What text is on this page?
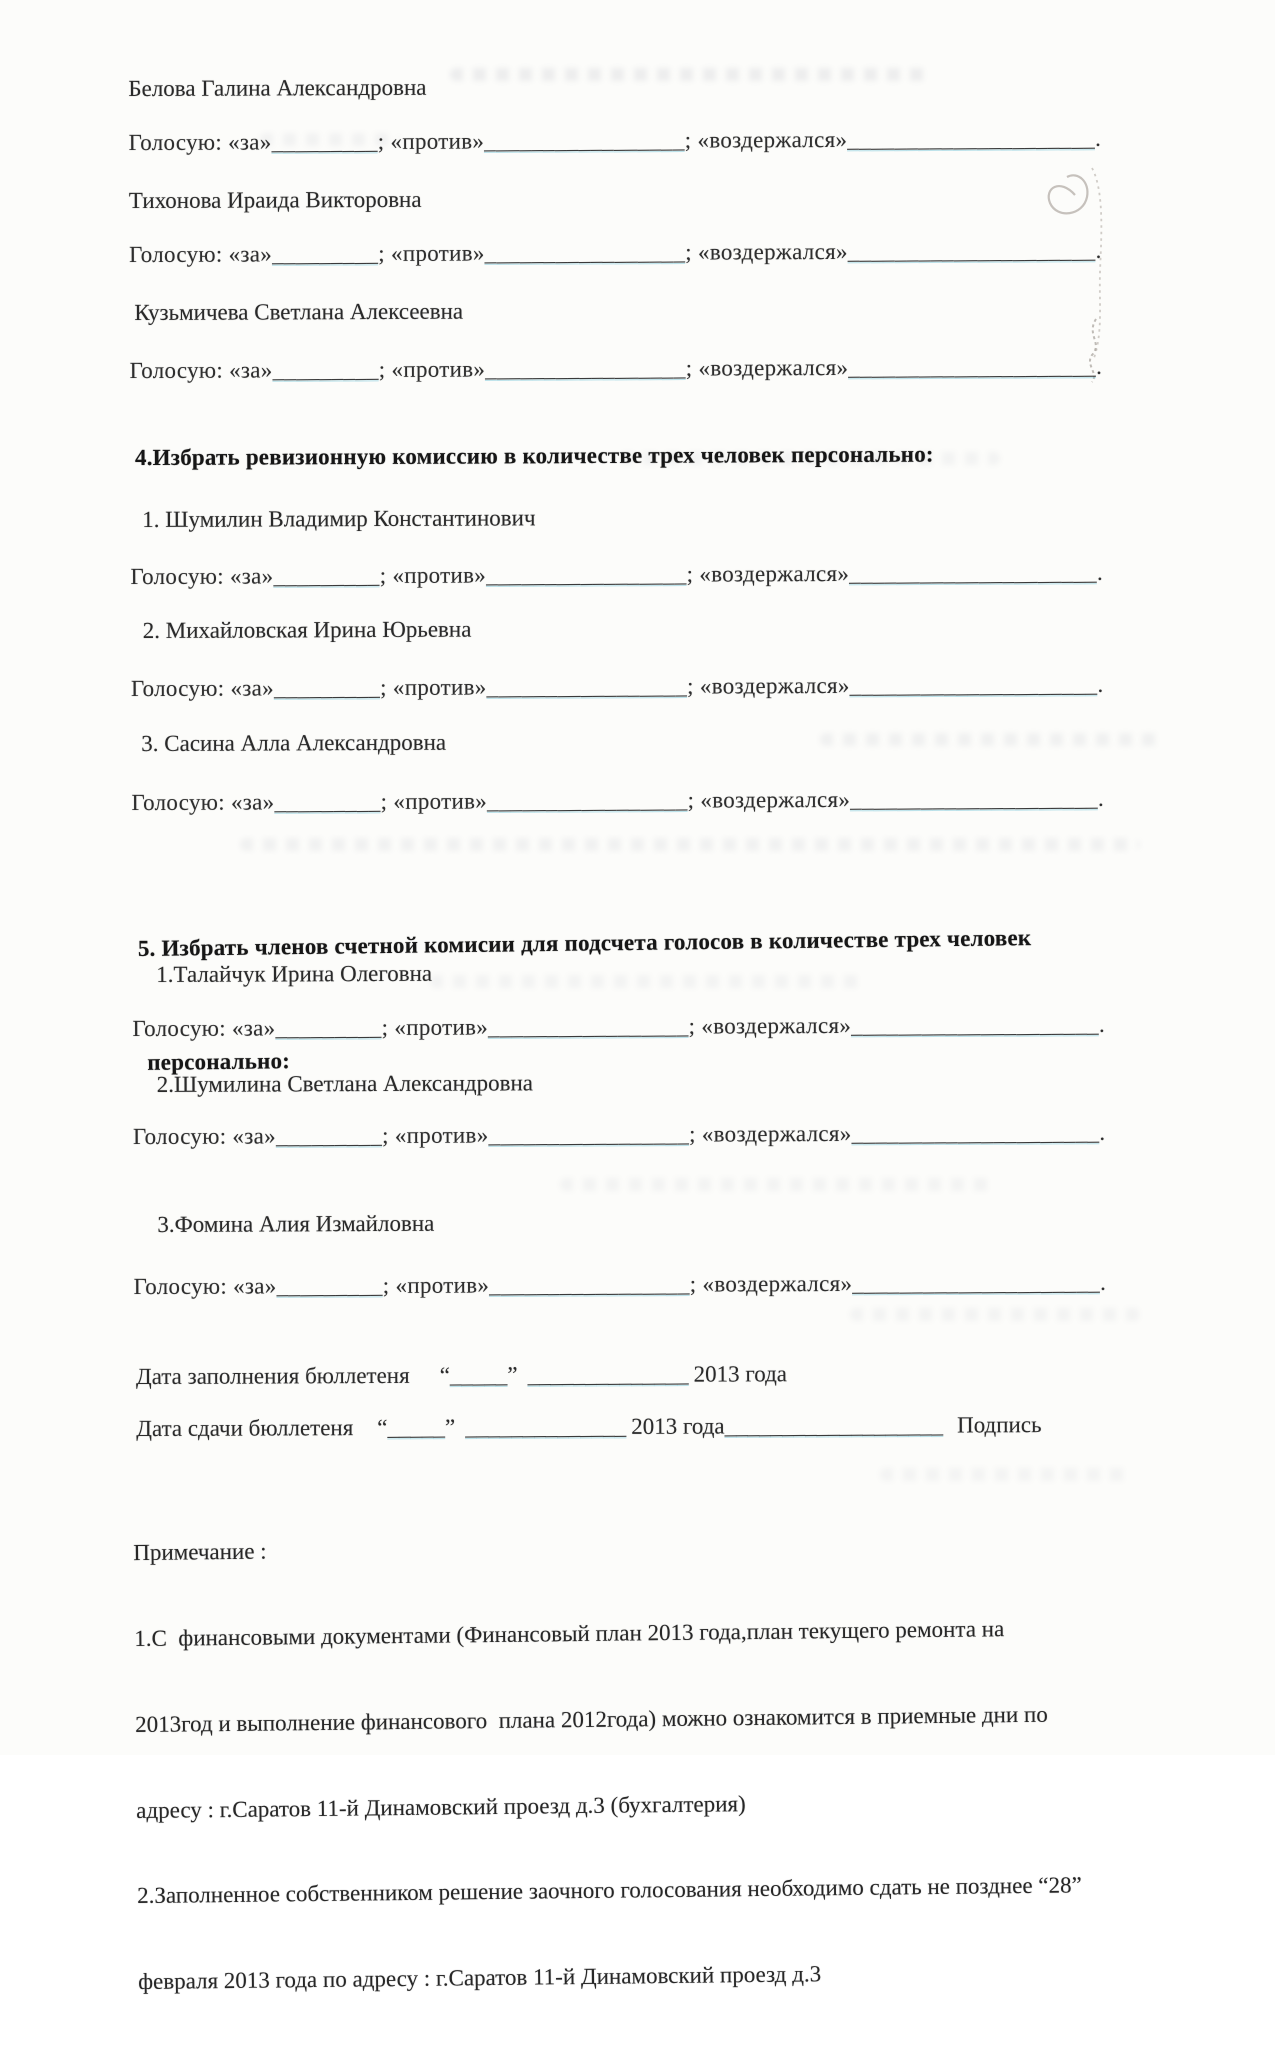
Белова Галина Александровна
Голосую: «за»_________; «против»_________________; «воздержался»_____________________.
Тихонова Ираида Викторовна
Голосую: «за»_________; «против»_________________; «воздержался»_____________________.
Кузьмичева Светлана Алексеевна
Голосую: «за»_________; «против»_________________; «воздержался»_____________________.
4.Избрать ревизионную комиссию в количестве трех человек персонально:
1. Шумилин Владимир Константинович
Голосую: «за»_________; «против»_________________; «воздержался»_____________________.
2. Михайловская Ирина Юрьевна
Голосую: «за»_________; «против»_________________; «воздержался»_____________________.
3. Сасина Алла Александровна
Голосую: «за»_________; «против»_________________; «воздержался»_____________________.

5. Избрать членов счетной комисии для подсчета голосов в количестве трех человек

персонально:

1.Талайчук Ирина Олеговна
Голосую: «за»_________; «против»_________________; «воздержался»_____________________.
2.Шумилина Светлана Александровна
Голосую: «за»_________; «против»_________________; «воздержался»_____________________.
3.Фомина Алия Измайловна
Голосую: «за»_________; «против»_________________; «воздержался»_____________________.
Дата заполнения бюллетеня “_____” ______________ 2013 года
Дата сдачи бюллетеня “_____” ______________ 2013 года___________________ Подпись

Примечание :

1.С  финансовыми документами (Финансовый план 2013 года,план текущего ремонта на

2013год и выполнение финансового  плана 2012года) можно ознакомится в приемные дни по

адресу : г.Саратов 11-й Динамовский проезд д.3 (бухгалтерия)

2.Заполненное собственником решение заочного голосования необходимо сдать не позднее “28”

февраля 2013 года по адресу : г.Саратов 11-й Динамовский проезд д.3
